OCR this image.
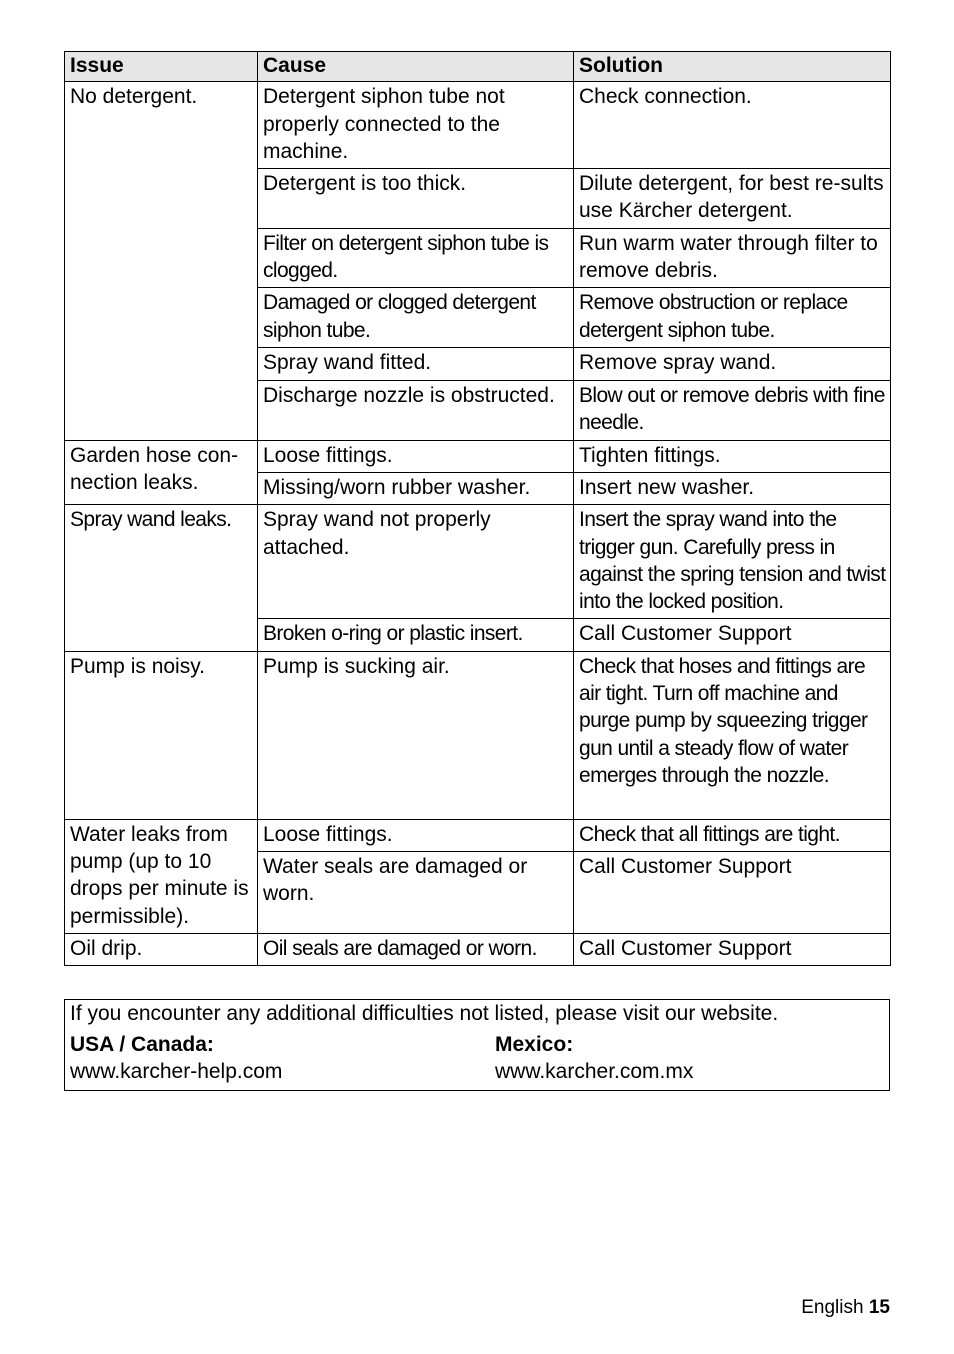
Issue	Cause	Solution
No detergent.	Detergent siphon tube not properly connected to the machine.	Check connection.
	Detergent is too thick.	Dilute detergent, for best re-sults use Kärcher detergent.
	Filter on detergent siphon tube is clogged.	Run warm water through filter to remove debris.
	Damaged or clogged detergent siphon tube.	Remove obstruction or replace detergent siphon tube.
	Spray wand fitted.	Remove spray wand.
	Discharge nozzle is obstructed.	Blow out or remove debris with fine needle.
Garden hose con-nection leaks.	Loose fittings.	Tighten fittings.
	Missing/worn rubber washer.	Insert new washer.
Spray wand leaks.	Spray wand not properly attached.	Insert the spray wand into the trigger gun. Carefully press in against the spring tension and twist into the locked position.
	Broken o-ring or plastic insert.	Call Customer Support
Pump is noisy.	Pump is sucking air.	Check that hoses and fittings are air tight. Turn off machine and purge pump by squeezing trigger gun until a steady flow of water emerges through the nozzle.
Water leaks from pump (up to 10 drops per minute is permissible).	Loose fittings.	Check that all fittings are tight.
	Water seals are damaged or worn.	Call Customer Support
Oil drip.	Oil seals are damaged or worn.	Call Customer Support
If you encounter any additional difficulties not listed, please visit our website.
USA / Canada:
www.karcher-help.com
Mexico:
www.karcher.com.mx
English 15
